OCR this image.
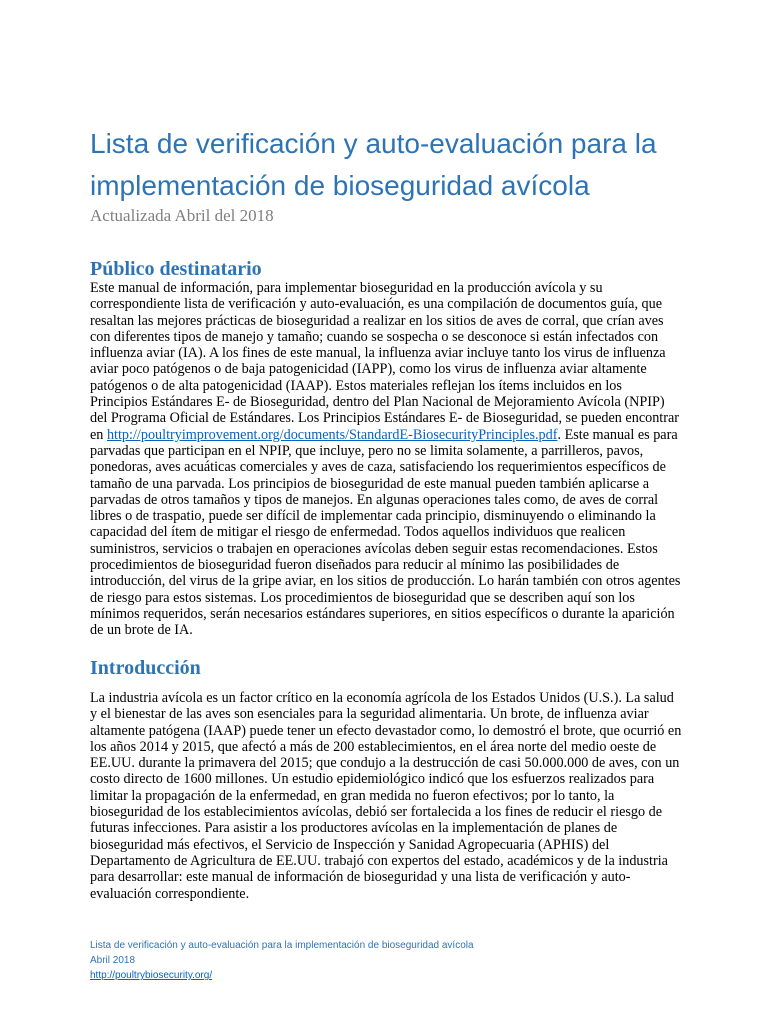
Lista de verificación y auto-evaluación para la implementación de bioseguridad avícola
Actualizada Abril del 2018
Público destinatario

Este manual de información, para implementar bioseguridad en la producción avícola y su correspondiente lista de verificación y auto-evaluación, es una compilación de documentos guía, que resaltan las mejores prácticas de bioseguridad a realizar en los sitios de aves de corral, que crían aves con diferentes tipos de manejo y tamaño; cuando se sospecha o se desconoce si están infectados con influenza aviar (IA). A los fines de este manual, la influenza aviar incluye tanto los virus de influenza aviar poco patógenos o de baja patogenicidad (IAPP), como los virus de influenza aviar altamente patógenos o de alta patogenicidad (IAAP). Estos materiales reflejan los ítems incluidos en los Principios Estándares E- de Bioseguridad, dentro del Plan Nacional de Mejoramiento Avícola (NPIP) del Programa Oficial de Estándares. Los Principios Estándares E- de Bioseguridad, se pueden encontrar en http://poultryimprovement.org/documents/StandardE-BiosecurityPrinciples.pdf. Este manual es para parvadas que participan en el NPIP, que incluye, pero no se limita solamente, a parrilleros, pavos, ponedoras, aves acuáticas comerciales y aves de caza, satisfaciendo los requerimientos específicos de tamaño de una parvada. Los principios de bioseguridad de este manual pueden también aplicarse a parvadas de otros tamaños y tipos de manejos. En algunas operaciones tales como, de aves de corral libres o de traspatio, puede ser difícil de implementar cada principio, disminuyendo o eliminando la capacidad del ítem de mitigar el riesgo de enfermedad. Todos aquellos individuos que realicen suministros, servicios o trabajen en operaciones avícolas deben seguir estas recomendaciones. Estos procedimientos de bioseguridad fueron diseñados para reducir al mínimo las posibilidades de introducción, del virus de la gripe aviar, en los sitios de producción. Lo harán también con otros agentes de riesgo para estos sistemas. Los procedimientos de bioseguridad que se describen aquí son los mínimos requeridos, serán necesarios estándares superiores, en sitios específicos o durante la aparición de un brote de IA.

Introducción

La industria avícola es un factor crítico en la economía agrícola de los Estados Unidos (U.S.). La salud y el bienestar de las aves son esenciales para la seguridad alimentaria. Un brote, de influenza aviar altamente patógena (IAAP) puede tener un efecto devastador como, lo demostró el brote, que ocurrió en los años 2014 y 2015, que afectó a más de 200 establecimientos, en el área norte del medio oeste de EE.UU. durante la primavera del 2015; que condujo a la destrucción de casi 50.000.000 de aves, con un costo directo de 1600 millones. Un estudio epidemiológico indicó que los esfuerzos realizados para limitar la propagación de la enfermedad, en gran medida no fueron efectivos; por lo tanto, la bioseguridad de los establecimientos avícolas, debió ser fortalecida a los fines de reducir el riesgo de futuras infecciones. Para asistir a los productores avícolas en la implementación de planes de bioseguridad más efectivos, el Servicio de Inspección y Sanidad Agropecuaria (APHIS) del Departamento de Agricultura de EE.UU. trabajó con expertos del estado, académicos y de la industria para desarrollar: este manual de información de bioseguridad y una lista de verificación y auto-evaluación correspondiente.

Lista de verificación y auto-evaluación para la implementación de bioseguridad avícola
Abril 2018
http://poultrybiosecurity.org/
